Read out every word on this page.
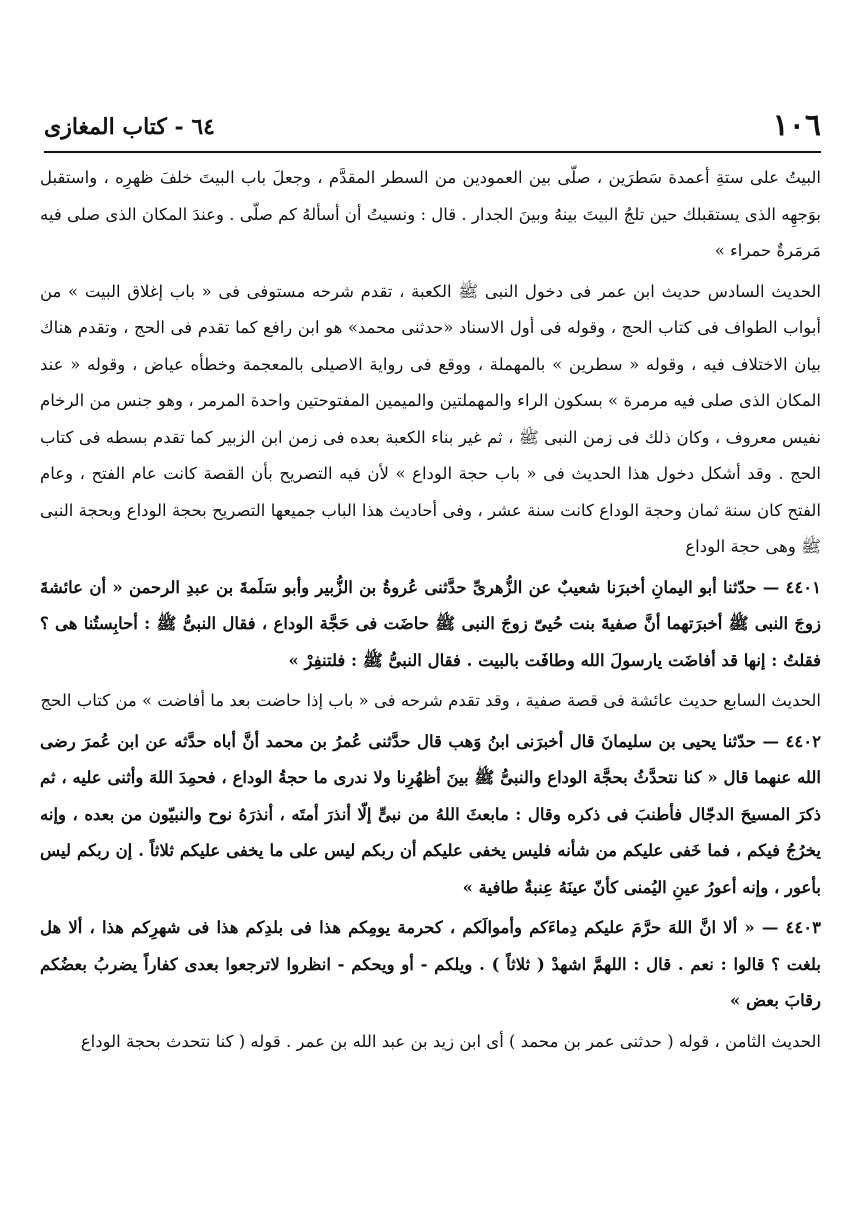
١٠٦
٦٤ - كتاب المغازى

البيتُ على ستةِ أعمدة سَطرَين ، صلّى بين العمودين من السطر المقدَّم ، وجعلَ باب البيتَ خلفَ ظهرِه ، واستقبل بوَجهِه الذى يستقبلك حين تلجُ البيتَ بينهُ وبينَ الجدار . قال : ونسيتُ أن أسألهُ كم صلّى . وعندَ المكان الذى صلى فيه مَرمَرةٌ حمراء »

الحديث السادس حديث ابن عمر فى دخول النبى ﷺ الكعبة ، تقدم شرحه مستوفى فى « باب إغلاق البيت » من أبواب الطواف فى كتاب الحج ، وقوله فى أول الاسناد «حدثنى محمد» هو ابن رافع كما تقدم فى الحج ، وتقدم هناك بيان الاختلاف فيه ، وقوله « سطرين » بالمهملة ، ووقع فى رواية الاصيلى بالمعجمة وخطأه عياض ، وقوله « عند المكان الذى صلى فيه مرمرة » بسكون الراء والمهملتين والميمين المفتوحتين واحدة المرمر ، وهو جنس من الرخام نفيس معروف ، وكان ذلك فى زمن النبى ﷺ ، ثم غير بناء الكعبة بعده فى زمن ابن الزبير كما تقدم بسطه فى كتاب الحج . وقد أشكل دخول هذا الحديث فى « باب حجة الوداع » لأن فيه التصريح بأن القصة كانت عام الفتح ، وعام الفتح كان سنة ثمان وحجة الوداع كانت سنة عشر ، وفى أحاديث هذا الباب جميعها التصريح بحجة الوداع وبحجة النبى ﷺ وهى حجة الوداع

٤٤٠١ — حدّثنا أبو اليمانِ أخبرَنا شعيبٌ عن الزُّهرىِّ حدَّثنى عُروةُ بن الزُّبير وأبو سَلَمةَ بن عبدِ الرحمن « أن عائشةَ زوجَ النبى ﷺ أخبرَتهما أنَّ صفيةَ بنت حُيىّ زوجَ النبى ﷺ حاضَت فى حَجَّة الوداع ، فقال النبىُّ ﷺ : أحابِستُنا هى ؟ فقلتُ : إنها قد أفاضَت يارسولَ الله وطافَت بالبيت . فقال النبىُّ ﷺ : فلتنفِرْ »

الحديث السابع حديث عائشة فى قصة صفية ، وقد تقدم شرحه فى « باب إذا حاضت بعد ما أفاضت » من كتاب الحج

٤٤٠٢ — حدّثنا يحيى بن سليمانَ قال أخبرَنى ابنُ وَهب قال حدَّثنى عُمرُ بن محمد أنَّ أباه حدَّثه عن ابن عُمرَ رضى الله عنهما قال « كنا نتحدَّثُ بحجَّة الوداع والنبىُّ ﷺ بينَ أظهُرِنا ولا ندرى ما حجةُ الوداع ، فحمِدَ اللهَ وأثنى عليه ، ثم ذكرَ المسيحَ الدجّال فأطنبَ فى ذكره وقال : مابعثَ اللهُ من نبىٍّ إلّا أنذرَ أمتَه ، أنذرَهُ نوح والنبيّون من بعده ، وإنه يخرُجُ فيكم ، فما خَفى عليكم من شأنه فليس يخفى عليكم أن ربكم ليس على ما يخفى عليكم ثلاثاً . إن ربكم ليس بأعور ، وإنه أعورُ عينِ اليُمنى كأنّ عينَهُ عِنبةٌ طافية »

٤٤٠٣ — « ألا انَّ اللهَ حرَّمَ عليكم دِماءَكم وأموالَكم ، كحرمة يومِكم هذا فى بلدِكم هذا فى شهرِكم هذا ، ألا هل بلغت ؟ قالوا : نعم . قال : اللهمَّ اشهدْ ( ثلاثاً ) . ويلكم - أو ويحكم - انظروا لاترجعوا بعدى كفاراً يضربُ بعضُكم رقابَ بعض »

الحديث الثامن ، قوله ( حدثنى عمر بن محمد ) أى ابن زيد بن عبد الله بن عمر . قوله ( كنا نتحدث بحجة الوداع
